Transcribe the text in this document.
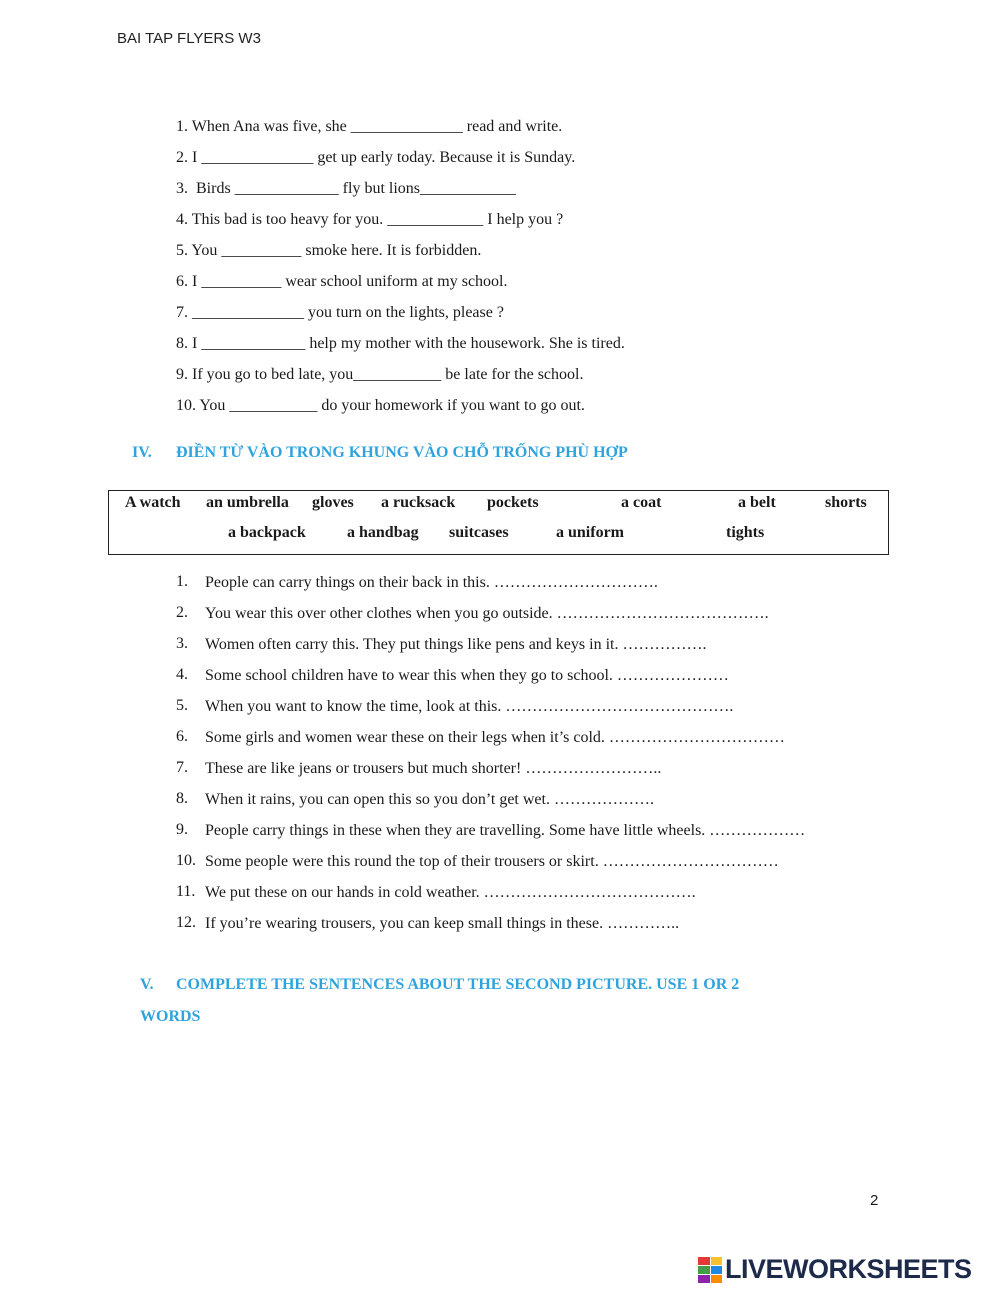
BAI TAP FLYERS W3
1. When Ana was five, she ______________ read and write.
2. I ______________ get up early today. Because it is Sunday.
3.  Birds _____________ fly but lions____________
4. This bad is too heavy for you. ____________ I help you ?
5. You __________ smoke here. It is forbidden.
6. I __________ wear school uniform at my school.
7. ______________ you turn on the lights, please ?
8. I _____________ help my mother with the housework. She is tired.
9. If you go to bed late, you___________ be late for the school.
10. You ___________ do your homework if you want to go out.
IV. ĐIỀN TỪ VÀO TRONG KHUNG VÀO CHỖ TRỐNG PHÙ HỢP
A watch an umbrella gloves a rucksack pockets	a coat	a belt	shorts
a backpack	a handbag suitcases	a uniform	tights
1. People can carry things on their back in this. ………………………….
2. You wear this over other clothes when you go outside. ………………………………….
3. Women often carry this. They put things like pens and keys in it. …………….
4. Some school children have to wear this when they go to school. …………………
5. When you want to know the time, look at this. …………………………………….
6. Some girls and women wear these on their legs when it’s cold. ……………………………
7. These are like jeans or trousers but much shorter! ……………………..
8. When it rains, you can open this so you don’t get wet. ……………….
9. People carry things in these when they are travelling. Some have little wheels. ………………
10. Some people were this round the top of their trousers or skirt. ……………………………
11. We put these on our hands in cold weather. ………………………………….
12. If you’re wearing trousers, you can keep small things in these. …………..
V. COMPLETE THE SENTENCES ABOUT THE SECOND PICTURE. USE 1 OR 2
WORDS
2
LIVEWORKSHEETS
